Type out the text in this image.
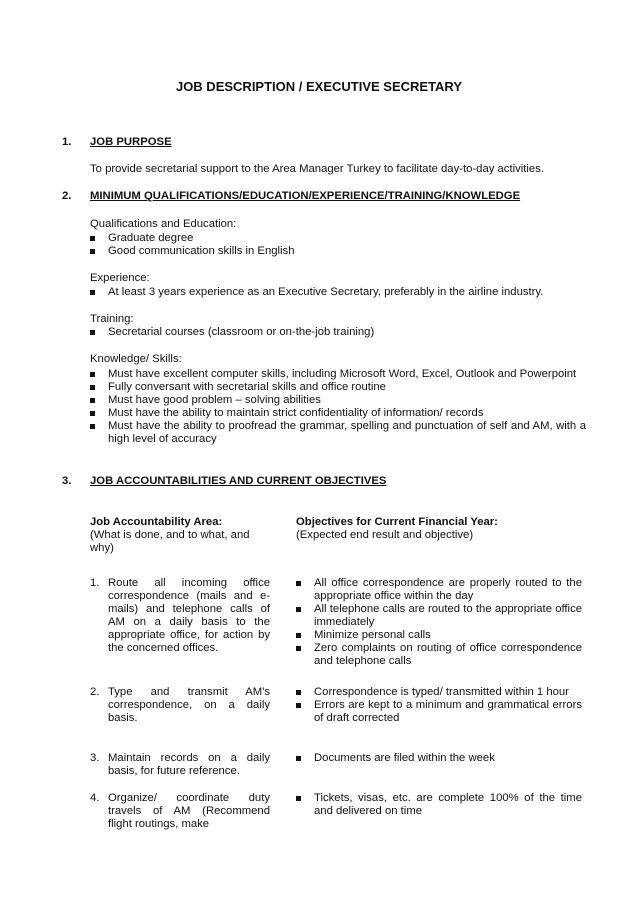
JOB DESCRIPTION / EXECUTIVE SECRETARY
1. JOB PURPOSE
To provide secretarial support to the Area Manager Turkey to facilitate day-to-day activities.
2. MINIMUM QUALIFICATIONS/EDUCATION/EXPERIENCE/TRAINING/KNOWLEDGE
Qualifications and Education:
Graduate degree
Good communication skills in English
Experience:
At least 3 years experience as an Executive Secretary, preferably in the airline industry.
Training:
Secretarial courses (classroom or on-the-job training)
Knowledge/ Skills:
Must have excellent computer skills, including Microsoft Word, Excel, Outlook and Powerpoint
Fully conversant with secretarial skills and office routine
Must have good problem – solving abilities
Must have the ability to maintain strict confidentiality of information/ records
Must have the ability to proofread the grammar, spelling and punctuation of self and AM, with a high level of accuracy
3. JOB ACCOUNTABILITIES AND CURRENT OBJECTIVES
Job Accountability Area:
(What is done, and to what, and why)
Objectives for Current Financial Year:
(Expected end result and objective)
1. Route all incoming office correspondence (mails and e-mails) and telephone calls of AM on a daily basis to the appropriate office, for action by the concerned offices.
All office correspondence are properly routed to the appropriate office within the day
All telephone calls are routed to the appropriate office immediately
Minimize personal calls
Zero complaints on routing of office correspondence and telephone calls
2. Type and transmit AM's correspondence, on a daily basis.
Correspondence is typed/ transmitted within 1 hour
Errors are kept to a minimum and grammatical errors of draft corrected
3. Maintain records on a daily basis, for future reference.
Documents are filed within the week
4. Organize/ coordinate duty travels of AM (Recommend flight routings, make
Tickets, visas, etc. are complete 100% of the time and delivered on time
